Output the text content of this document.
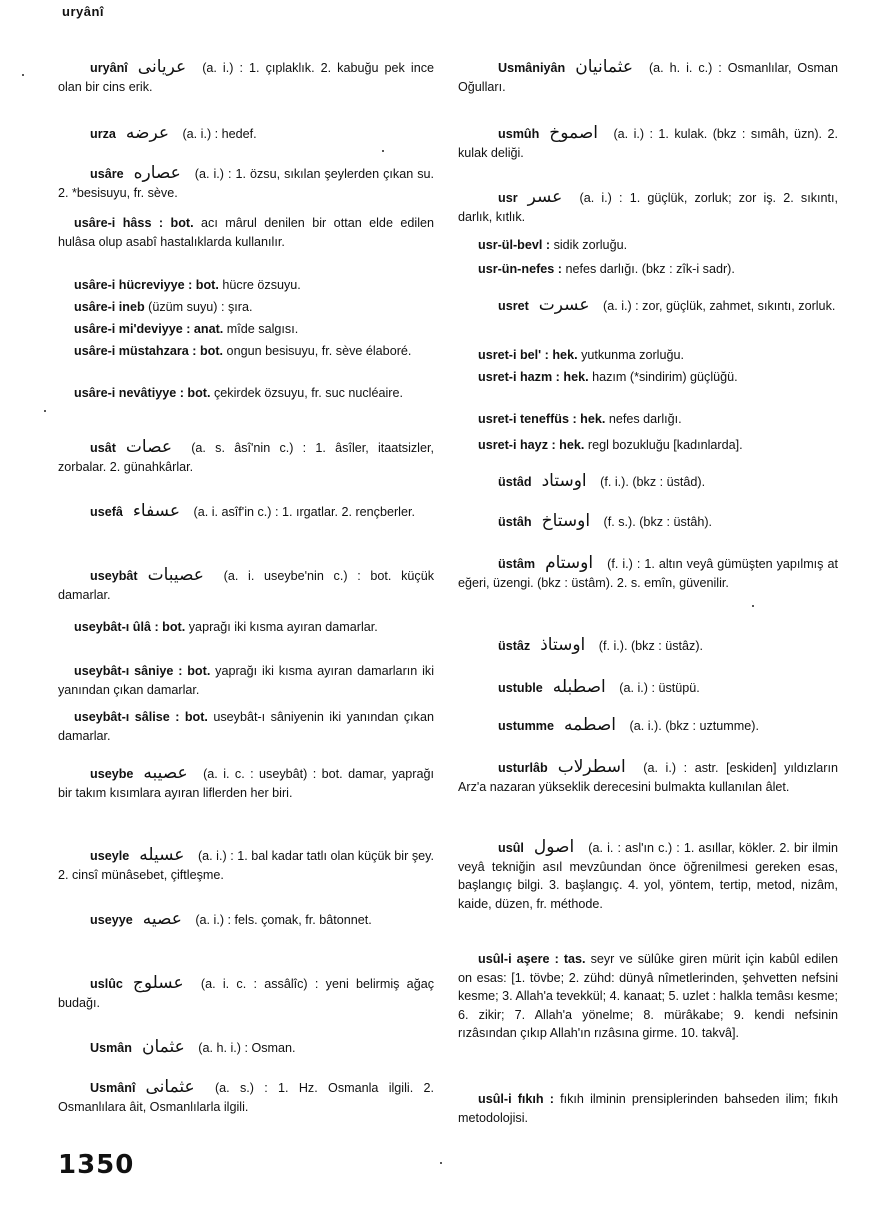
uryânî
uryânî عريانى (a. i.) : 1. çıplaklık. 2. kabuğu pek ince olan bir cins erik.
urza عرضه (a. i.) : hedef.
usâre عصاره (a. i.) : 1. özsu, sıkılan şeylerden çıkan su. 2. *besisuyu, fr. sève.
usâre-i hâss : bot. acı mârul denilen bir ottan elde edilen hulâsa olup asabî hastalıklarda kullanılır.
usâre-i hücreviyye : bot. hücre özsuyu.
usâre-i ineb (üzüm suyu) : şıra.
usâre-i mi'deviyye : anat. mîde salgısı.
usâre-i müstahzara : bot. ongun besisuyu, fr. sève élaboré.
usâre-i nevâtiyye : bot. çekirdek özsuyu, fr. suc nucléaire.
usât عصات (a. s. âsî'nin c.) : 1. âsîler, itaatsizler, zorbalar. 2. günahkârlar.
usefâ عسفاء (a. i. asîf'in c.) : 1. ırgatlar. 2. rençberler.
useybât عصيبات (a. i. useybe'nin c.) : bot. küçük damarlar.
useybât-ı ûlâ : bot. yaprağı iki kısma ayıran damarlar.
useybât-ı sâniye : bot. yaprağı iki kısma ayıran damarların iki yanından çıkan damarlar.
useybât-ı sâlise : bot. useybât-ı sâniyenin iki yanından çıkan damarlar.
useybe عصيبه (a. i. c. : useybât) : bot. damar, yaprağı bir takım kısımlara ayıran liflerden her biri.
useyle عسيله (a. i.) : 1. bal kadar tatlı olan küçük bir şey. 2. cinsî münâsebet, çiftleşme.
useyye عصيه (a. i.) : fels. çomak, fr. bâtonnet.
uslûc عسلوج (a. i. c. : assâlîc) : yeni belirmiş ağaç budağı.
Usmân عثمان (a. h. i.) : Osman.
Usmânî عثمانى (a. s.) : 1. Hz. Osmanla ilgili. 2. Osmanlılara âit, Osmanlılarla ilgili.
Usmâniyân عثمانيان (a. h. i. c.) : Osmanlılar, Osman Oğulları.
usmûh اصموخ (a. i.) : 1. kulak. (bkz : sımâh, üzn). 2. kulak deliği.
usr عسر (a. i.) : 1. güçlük, zorluk; zor iş. 2. sıkıntı, darlık, kıtlık.
usr-ül-bevl : sidik zorluğu.
usr-ün-nefes : nefes darlığı. (bkz : zîk-i sadr).
usret عسرت (a. i.) : zor, güçlük, zahmet, sıkıntı, zorluk.
usret-i bel' : hek. yutkunma zorluğu.
usret-i hazm : hek. hazım (*sindirim) güçlüğü.
usret-i teneffüs : hek. nefes darlığı.
usret-i hayz : hek. regl bozukluğu [kadınlarda].
üstâd اوستاد (f. i.). (bkz : üstâd).
üstâh اوستاخ (f. s.). (bkz : üstâh).
üstâm اوستام (f. i.) : 1. altın veyâ gümüşten yapılmış at eğeri, üzengi. (bkz : üstâm). 2. s. emîn, güvenilir.
üstâz اوستاذ (f. i.). (bkz : üstâz).
ustuble اصطبله (a. i.) : üstüpü.
ustumme اصطمه (a. i.). (bkz : uztumme).
usturlâb اسطرلاب (a. i.) : astr. [eskiden] yıldızların Arz'a nazaran yükseklik derecesini bulmakta kullanılan âlet.
usûl اصول (a. i. : asl'ın c.) : 1. asıllar, kökler. 2. bir ilmin veyâ tekniğin asıl mevzûundan önce öğrenilmesi gereken esas, başlangıç bilgi. 3. başlangıç. 4. yol, yöntem, tertip, metod, nizâm, kaide, düzen, fr. méthode.
usûl-i aşere : tas. seyr ve sülûke giren mürit için kabûl edilen on esas: [1. tövbe; 2. zühd: dünyâ nîmetlerinden, şehvetten nefsini kesme; 3. Allah'a tevekkül; 4. kanaat; 5. uzlet : halkla temâsı kesme; 6. zikir; 7. Allah'a yönelme; 8. mürâkabe; 9. kendi nefsinin rızâsından çıkıp Allah'ın rızâsına girme. 10. takvâ].
usûl-i fıkıh : fıkıh ilminin prensiplerinden bahseden ilim; fıkıh metodolojisi.
1350
